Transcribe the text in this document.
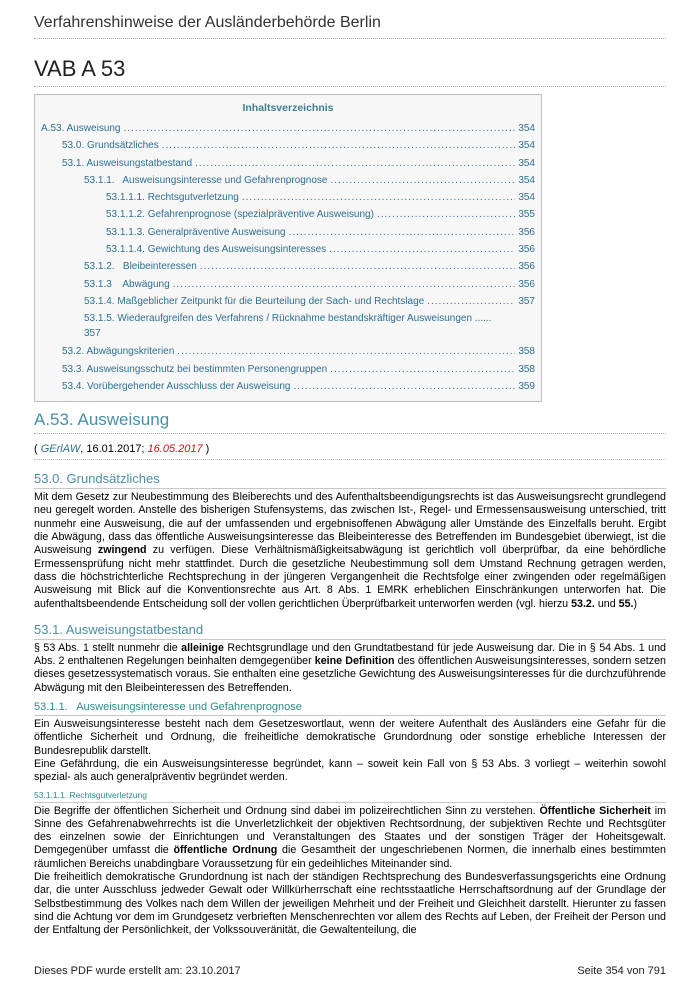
Verfahrenshinweise der Ausländerbehörde Berlin
VAB A 53
Inhaltsverzeichnis
A.53. Ausweisung .....	354
53.0. Grundsätzliches .....	354
53.1. Ausweisungstatbestand .....	354
53.1.1.   Ausweisungsinteresse und Gefahrenprognose .....	354
53.1.1.1. Rechtsgutverletzung .....	354
53.1.1.2. Gefahrenprognose (spezialpräventive Ausweisung) .....	355
53.1.1.3. Generalpräventive Ausweisung .....	356
53.1.1.4. Gewichtung des Ausweisungsinteresses .....	356
53.1.2.   Bleibeinteressen .....	356
53.1.3    Abwägung .....	356
53.1.4. Maßgeblicher Zeitpunkt für die Beurteilung der Sach- und Rechtslage .....	357
53.1.5. Wiederaufgreifen des Verfahrens / Rücknahme bestandskräftiger Ausweisungen ......
357
53.2. Abwägungskriterien .....	358
53.3. Ausweisungsschutz bei bestimmten Personengruppen .....	358
53.4. Vorübergehender Ausschluss der Ausweisung .....	359
A.53. Ausweisung
( GErlAW, 16.01.2017; 16.05.2017 )
53.0. Grundsätzliches

Mit dem Gesetz zur Neubestimmung des Bleiberechts und des Aufenthaltsbeendigungsrechts ist das Ausweisungsrecht grundlegend neu geregelt worden. Anstelle des bisherigen Stufensystems, das zwischen Ist-, Regel- und Ermessensausweisung unterschied, tritt nunmehr eine Ausweisung, die auf der umfassenden und ergebnisoffenen Abwägung aller Umstände des Einzelfalls beruht. Ergibt die Abwägung, dass das öffentliche Ausweisungsinteresse das Bleibeinteresse des Betreffenden im Bundesgebiet überwiegt, ist die Ausweisung zwingend zu verfügen. Diese Verhältnismäßigkeitsabwägung ist gerichtlich voll überprüfbar, da eine behördliche Ermessensprüfung nicht mehr stattfindet. Durch die gesetzliche Neubestimmung soll dem Umstand Rechnung getragen werden, dass die höchstrichterliche Rechtsprechung in der jüngeren Vergangenheit die Rechtsfolge einer zwingenden oder regelmäßigen Ausweisung mit Blick auf die Konventionsrechte aus Art. 8 Abs. 1 EMRK erheblichen Einschränkungen unterworfen hat. Die aufenthaltsbeendende Entscheidung soll der vollen gerichtlichen Überprüfbarkeit unterworfen werden (vgl. hierzu 53.2. und 55.)

53.1. Ausweisungstatbestand

§ 53 Abs. 1 stellt nunmehr die alleinige Rechtsgrundlage und den Grundtatbestand für jede Ausweisung dar. Die in § 54 Abs. 1 und Abs. 2 enthaltenen Regelungen beinhalten demgegenüber keine Definition des öffentlichen Ausweisungsinteresses, sondern setzen dieses gesetzessystematisch voraus. Sie enthalten eine gesetzliche Gewichtung des Ausweisungsinteresses für die durchzuführende Abwägung mit den Bleibeinteressen des Betreffenden.

53.1.1.   Ausweisungsinteresse und Gefahrenprognose

Ein Ausweisungsinteresse besteht nach dem Gesetzeswortlaut, wenn der weitere Aufenthalt des Ausländers eine Gefahr für die öffentliche Sicherheit und Ordnung, die freiheitliche demokratische Grundordnung oder sonstige erhebliche Interessen der Bundesrepublik darstellt.

Eine Gefährdung, die ein Ausweisungsinteresse begründet, kann – soweit kein Fall von § 53 Abs. 3 vorliegt – weiterhin sowohl spezial- als auch generalpräventiv begründet werden.

53.1.1.1. Rechtsgutverletzung

Die Begriffe der öffentlichen Sicherheit und Ordnung sind dabei im polizeirechtlichen Sinn zu verstehen. Öffentliche Sicherheit im Sinne des Gefahrenabwehrrechts ist die Unverletzlichkeit der objektiven Rechtsordnung, der subjektiven Rechte und Rechtsgüter des einzelnen sowie der Einrichtungen und Veranstaltungen des Staates und der sonstigen Träger der Hoheitsgewalt. Demgegenüber umfasst die öffentliche Ordnung die Gesamtheit der ungeschriebenen Normen, die innerhalb eines bestimmten räumlichen Bereichs unabdingbare Voraussetzung für ein gedeihliches Miteinander sind.

Die freiheitlich demokratische Grundordnung ist nach der ständigen Rechtsprechung des Bundesverfassungsgerichts eine Ordnung dar, die unter Ausschluss jedweder Gewalt oder Willkürherrschaft eine rechtsstaatliche Herrschaftsordnung auf der Grundlage der Selbstbestimmung des Volkes nach dem Willen der jeweiligen Mehrheit und der Freiheit und Gleichheit darstellt. Hierunter zu fassen sind die Achtung vor dem im Grundgesetz verbrieften Menschenrechten vor allem des Rechts auf Leben, der Freiheit der Person und der Entfaltung der Persönlichkeit, der Volkssouveränität, die Gewaltenteilung, die

Dieses PDF wurde erstellt am: 23.10.2017	Seite 354 von 791
